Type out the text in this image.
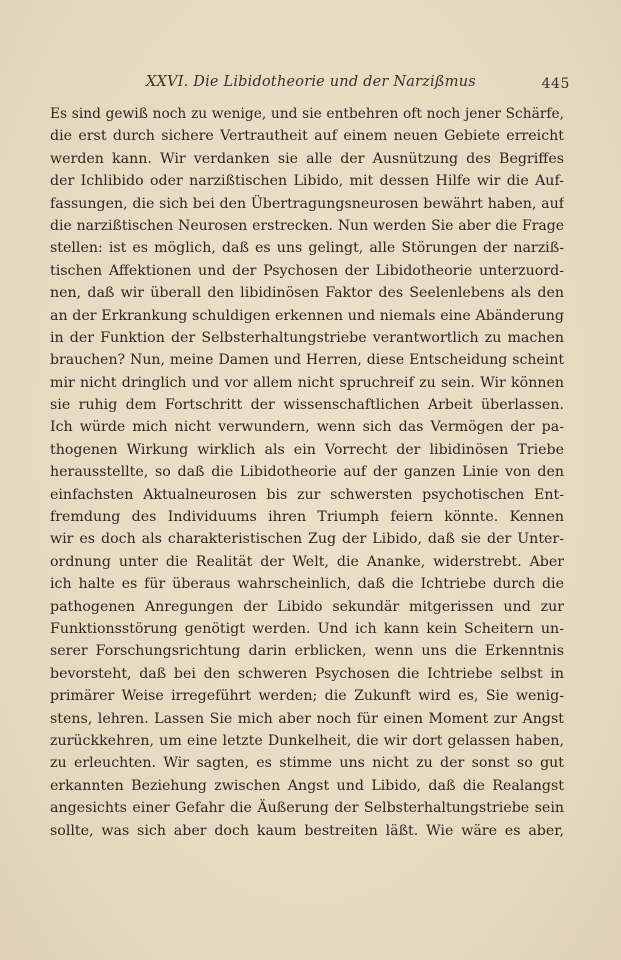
XXVI. Die Libidotheorie und der Narzißmus	445
Es sind gewiß noch zu wenige, und sie entbehren oft noch jener Schärfe,
die erst durch sichere Vertrautheit auf einem neuen Gebiete erreicht
werden kann. Wir verdanken sie alle der Ausnützung des Begriffes
der Ichlibido oder narzißtischen Libido, mit dessen Hilfe wir die Auf-
fassungen, die sich bei den Übertragungsneurosen bewährt haben, auf
die narzißtischen Neurosen erstrecken. Nun werden Sie aber die Frage
stellen: ist es möglich, daß es uns gelingt, alle Störungen der narziß-
tischen Affektionen und der Psychosen der Libidotheorie unterzuord-
nen, daß wir überall den libidinösen Faktor des Seelenlebens als den
an der Erkrankung schuldigen erkennen und niemals eine Abänderung
in der Funktion der Selbsterhaltungstriebe verantwortlich zu machen
brauchen? Nun, meine Damen und Herren, diese Entscheidung scheint
mir nicht dringlich und vor allem nicht spruchreif zu sein. Wir können
sie ruhig dem Fortschritt der wissenschaftlichen Arbeit überlassen.
Ich würde mich nicht verwundern, wenn sich das Vermögen der pa-
thogenen Wirkung wirklich als ein Vorrecht der libidinösen Triebe
herausstellte, so daß die Libidotheorie auf der ganzen Linie von den
einfachsten Aktualneurosen bis zur schwersten psychotischen Ent-
fremdung des Individuums ihren Triumph feiern könnte. Kennen
wir es doch als charakteristischen Zug der Libido, daß sie der Unter-
ordnung unter die Realität der Welt, die Ananke, widerstrebt. Aber
ich halte es für überaus wahrscheinlich, daß die Ichtriebe durch die
pathogenen Anregungen der Libido sekundär mitgerissen und zur
Funktionsstörung genötigt werden. Und ich kann kein Scheitern un-
serer Forschungsrichtung darin erblicken, wenn uns die Erkenntnis
bevorsteht, daß bei den schweren Psychosen die Ichtriebe selbst in
primärer Weise irregeführt werden; die Zukunft wird es, Sie wenig-
stens, lehren. Lassen Sie mich aber noch für einen Moment zur Angst
zurückkehren, um eine letzte Dunkelheit, die wir dort gelassen haben,
zu erleuchten. Wir sagten, es stimme uns nicht zu der sonst so gut
erkannten Beziehung zwischen Angst und Libido, daß die Realangst
angesichts einer Gefahr die Äußerung der Selbsterhaltungstriebe sein
sollte, was sich aber doch kaum bestreiten läßt. Wie wäre es aber,
